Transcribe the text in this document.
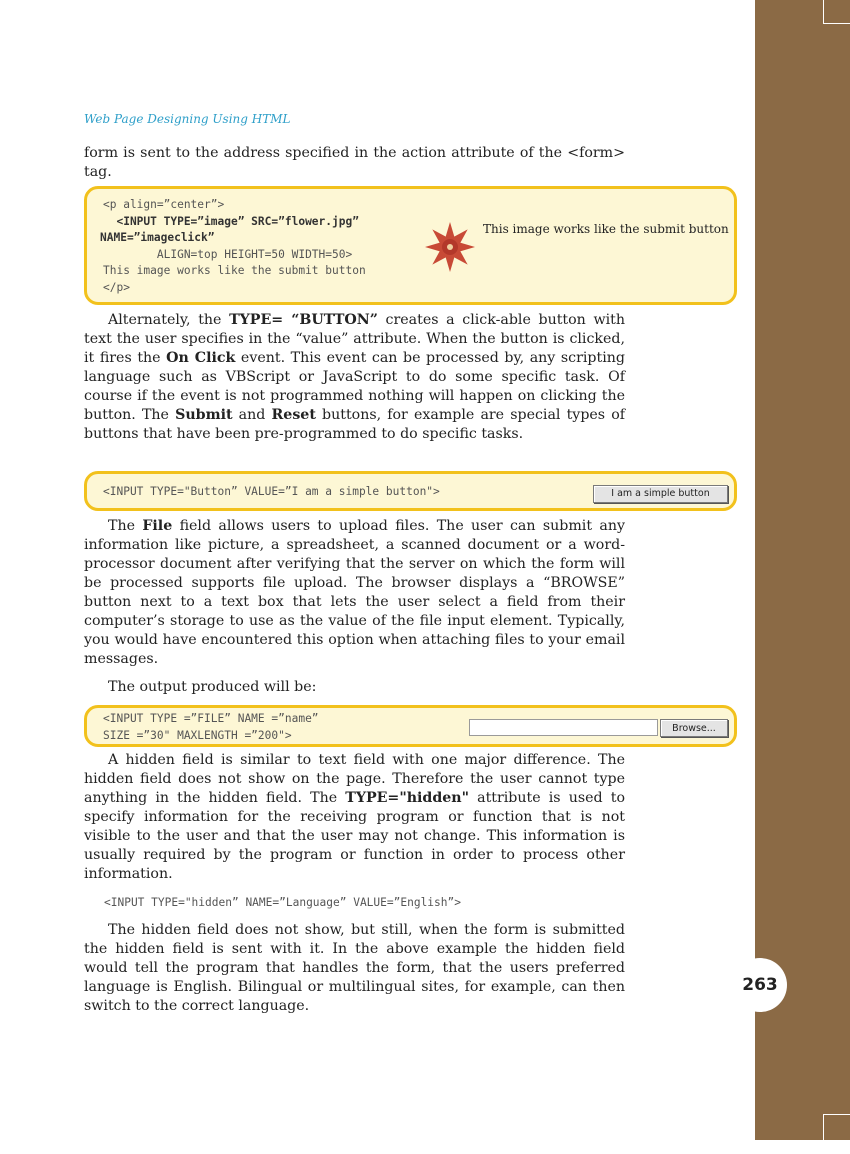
263
Web Page Designing Using HTML

form is sent to the address specified in the action attribute of the <form> tag.

<p align=”center”>
<INPUT TYPE=”image” SRC=”flower.jpg”
NAME=”imageclick”
ALIGN=top HEIGHT=50 WIDTH=50>
This image works like the submit button
</p>
This image works like the submit button

Alternately, the TYPE= “BUTTON” creates a click-able button with text the user specifies in the “value” attribute. When the button is clicked, it fires the On Click event. This event can be processed by, any scripting language such as VBScript or JavaScript to do some specific task. Of course if the event is not programmed nothing will happen on clicking the button. The Submit and Reset buttons, for example are special types of buttons that have been pre-programmed to do specific tasks.

<INPUT TYPE="Button” VALUE=”I am a simple button">	I am a simple button

The File field allows users to upload files. The user can submit any information like picture, a spreadsheet, a scanned document or a word-processor document after verifying that the server on which the form will be processed supports file upload. The browser displays a “BROWSE” button next to a text box that lets the user select a field from their computer’s storage to use as the value of the file input element. Typically, you would have encountered this option when attaching files to your email messages.

The output produced will be:

<INPUT TYPE =”FILE” NAME =”name”
SIZE =”30" MAXLENGTH =”200">	Browse...

A hidden field is similar to text field with one major difference. The hidden field does not show on the page. Therefore the user cannot type anything in the hidden field. The TYPE="hidden" attribute is used to specify information for the receiving program or function that is not visible to the user and that the user may not change. This information is usually required by the program or function in order to process other information.

<INPUT TYPE="hidden” NAME=”Language” VALUE=”English”>

The hidden field does not show, but still, when the form is submitted the hidden field is sent with it. In the above example the hidden field would tell the program that handles the form, that the users preferred language is English. Bilingual or multilingual sites, for example, can then switch to the correct language.
